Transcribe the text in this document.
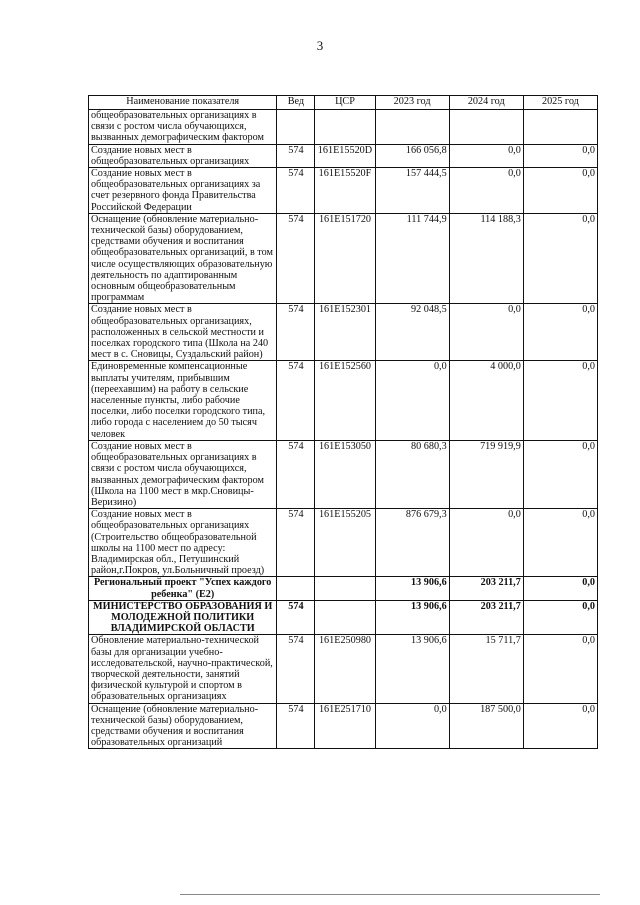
3
Наименование показателя	Вед	ЦСР	2023 год	2024 год	2025 год
общеобразовательных организациях в связи с ростом числа обучающихся, вызванных демографическим фактором					
Создание новых мест в общеобразовательных организациях	574	161E15520D	166 056,8	0,0	0,0
Создание новых мест в общеобразовательных организациях за счет резервного фонда Правительства Российской Федерации	574	161E15520F	157 444,5	0,0	0,0
Оснащение (обновление материально-технической базы) оборудованием, средствами обучения и воспитания общеобразовательных организаций, в том числе осуществляющих образовательную деятельность по адаптированным основным общеобразовательным программам	574	161E151720	111 744,9	114 188,3	0,0
Создание новых мест в общеобразовательных организациях, расположенных в сельской местности и поселках городского типа (Школа на 240 мест в с. Сновицы, Суздальский район)	574	161E152301	92 048,5	0,0	0,0
Единовременные компенсационные выплаты учителям, прибывшим (переехавшим) на работу в сельские населенные пункты, либо рабочие поселки, либо поселки городского типа, либо города с населением до 50 тысяч человек	574	161E152560	0,0	4 000,0	0,0
Создание новых мест в общеобразовательных организациях в связи с ростом числа обучающихся, вызванных демографическим фактором (Школа на 1100 мест в мкр.Сновицы-Веризино)	574	161E153050	80 680,3	719 919,9	0,0
Создание новых мест в общеобразовательных организациях (Строительство общеобразовательной школы на 1100 мест по адресу: Владимирская обл., Петушинский район,г.Покров, ул.Больничный проезд)	574	161E155205	876 679,3	0,0	0,0
Региональный проект "Успех каждого ребенка" (Е2)			13 906,6	203 211,7	0,0
МИНИСТЕРСТВО ОБРАЗОВАНИЯ И МОЛОДЕЖНОЙ ПОЛИТИКИ ВЛАДИМИРСКОЙ ОБЛАСТИ	574		13 906,6	203 211,7	0,0
Обновление материально-технической базы для организации учебно-исследовательской, научно-практической, творческой деятельности, занятий физической культурой и спортом в образовательных организациях	574	161E250980	13 906,6	15 711,7	0,0
Оснащение (обновление материально-технической базы) оборудованием, средствами обучения и воспитания образовательных организаций	574	161E251710	0,0	187 500,0	0,0
